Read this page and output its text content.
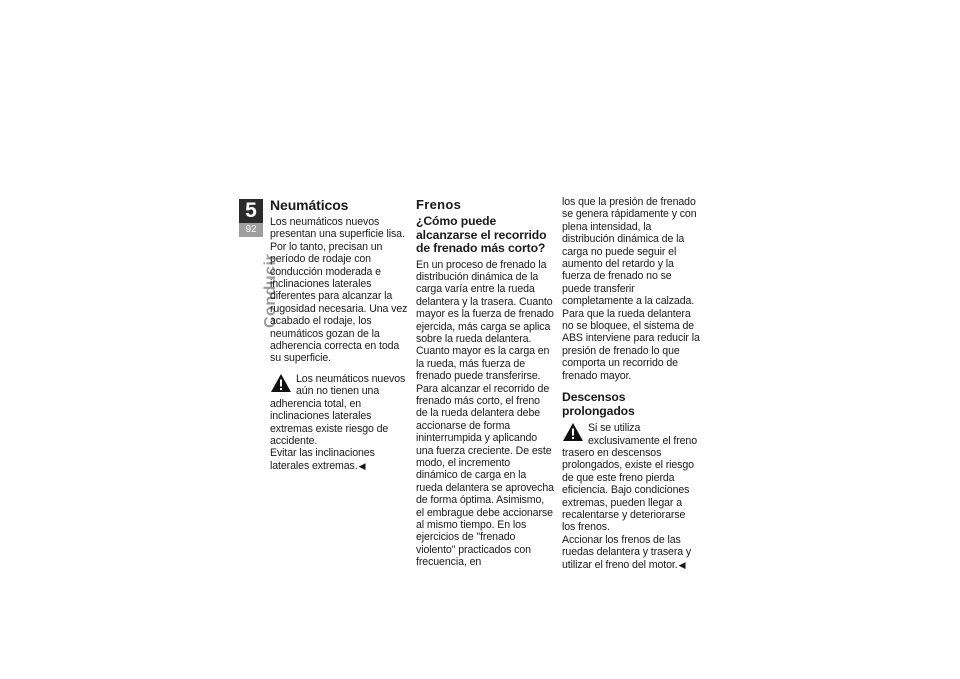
5
92
Conducir
Neumáticos

Los neumáticos nuevos presentan una superficie lisa. Por lo tanto, precisan un período de rodaje con conducción moderada e inclinaciones laterales diferentes para alcanzar la rugosidad necesaria. Una vez acabado el rodaje, los neumáticos gozan de la adherencia correcta en toda su superficie.

Los neumáticos nuevos aún no tienen una adherencia total, en inclinaciones laterales extremas existe riesgo de accidente.

Evitar las inclinaciones laterales extremas.◀

Frenos
¿Cómo puede alcanzarse el recorrido de frenado más corto?

En un proceso de frenado la distribución dinámica de la carga varía entre la rueda delantera y la trasera. Cuanto mayor es la fuerza de frenado ejercida, más carga se aplica sobre la rueda delantera. Cuanto mayor es la carga en la rueda, más fuerza de frenado puede transferirse.

Para alcanzar el recorrido de frenado más corto, el freno de la rueda delantera debe accionarse de forma ininterrumpida y aplicando una fuerza creciente. De este modo, el incremento dinámico de carga en la rueda delantera se aprovecha de forma óptima. Asimismo, el embrague debe accionarse al mismo tiempo. En los ejercicios de "frenado violento" practicados con frecuencia, en

los que la presión de frenado se genera rápidamente y con plena intensidad, la distribución dinámica de la carga no puede seguir el aumento del retardo y la fuerza de frenado no se puede transferir completamente a la calzada. Para que la rueda delantera no se bloquee, el sistema de ABS interviene para reducir la presión de frenado lo que comporta un recorrido de frenado mayor.

Descensos prolongados

Si se utiliza exclusivamente el freno trasero en descensos prolongados, existe el riesgo de que este freno pierda eficiencia. Bajo condiciones extremas, pueden llegar a recalentarse y deteriorarse los frenos.

Accionar los frenos de las ruedas delantera y trasera y utilizar el freno del motor.◀
